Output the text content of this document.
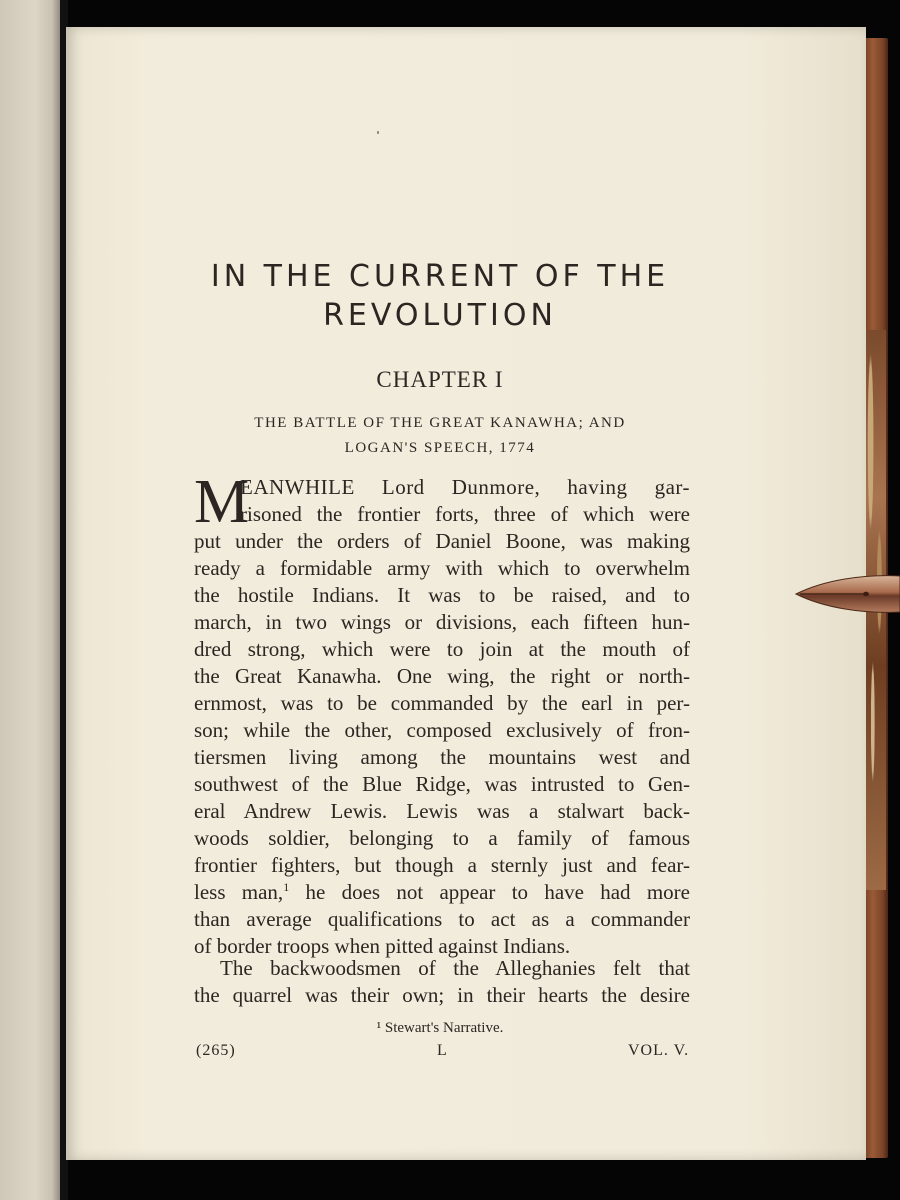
IN THE CURRENT OF THE
REVOLUTION
CHAPTER I
THE BATTLE OF THE GREAT KANAWHA; AND
LOGAN'S SPEECH, 1774
M
EANWHILE Lord Dunmore, having gar-
risoned the frontier forts, three of which were
put under the orders of Daniel Boone, was making
ready a formidable army with which to overwhelm
the hostile Indians. It was to be raised, and to
march, in two wings or divisions, each fifteen hun-
dred strong, which were to join at the mouth of
the Great Kanawha. One wing, the right or north-
ernmost, was to be commanded by the earl in per-
son; while the other, composed exclusively of fron-
tiersmen living among the mountains west and
southwest of the Blue Ridge, was intrusted to Gen-
eral Andrew Lewis. Lewis was a stalwart back-
woods soldier, belonging to a family of famous
frontier fighters, but though a sternly just and fear-
less man,$^1$ he does not appear to have had more
than average qualifications to act as a commander
of border troops when pitted against Indians.
The backwoodsmen of the Alleghanies felt that
the quarrel was their own; in their hearts the desire
¹ Stewart's Narrative.
(265)	L	VOL. V.
